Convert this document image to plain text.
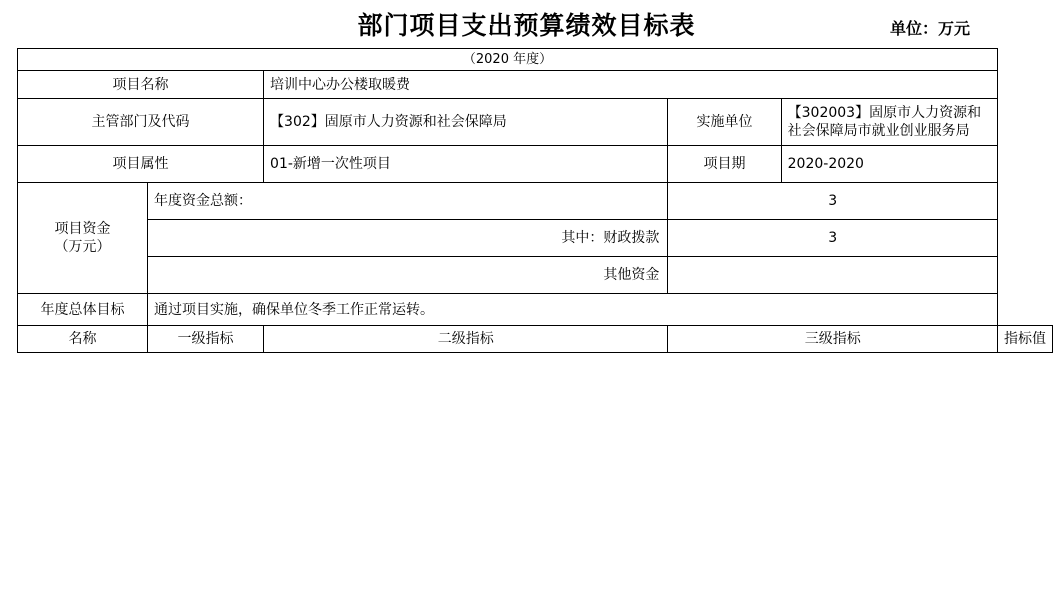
部门项目支出预算绩效目标表	单位：万元
（2020 年度）					
项目名称		培训中心办公楼取暖费			
主管部门及代码		【302】固原市人力资源和社会保障局	实施单位	【302003】固原市人力资源和社会保障局市就业创业服务局	
项目属性		01-新增一次性项目	项目期	2020-2020	
项目资金
（万元）	年度资金总额：		3		
	其中：财政拨款		3		
	其他资金				
年度总体目标	通过项目实施，确保单位冬季工作正常运转。				
名称	一级指标	二级指标	三级指标		指标值
